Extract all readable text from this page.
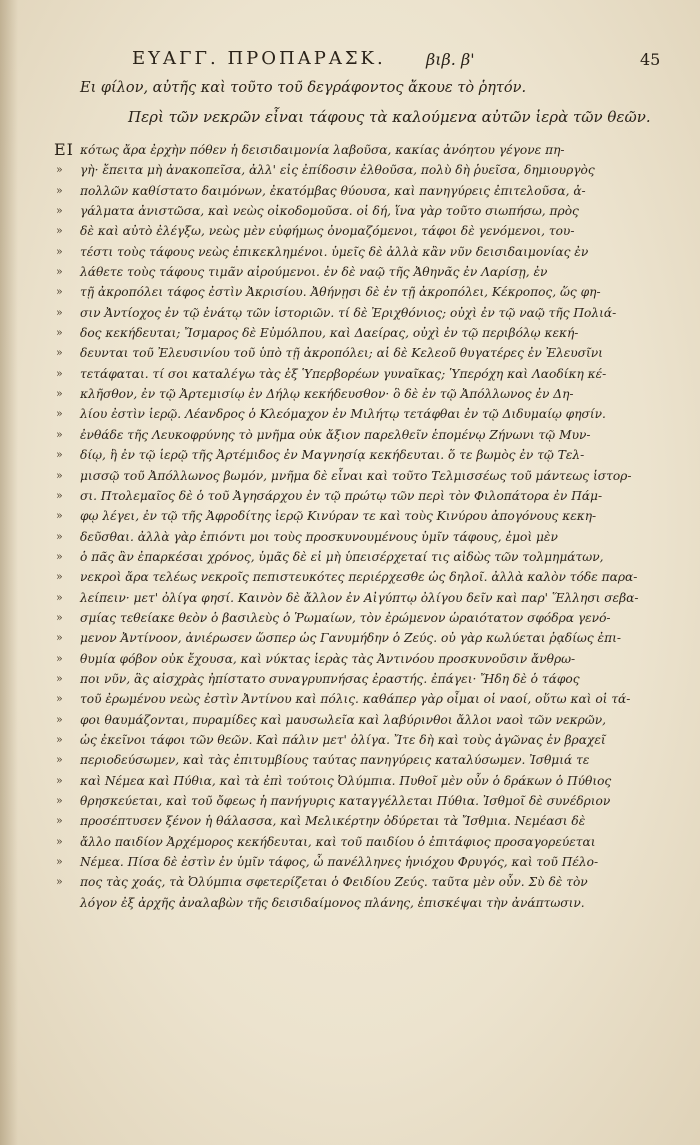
ΕΥΑΓΓ. ΠΡΟΠΑΡΑΣΚ.	βιβ. β'	45
Ει φίλον, αὐτῆς καὶ τοῦτο τοῦ δεγράφοντος ἄκουε τὸ ῥητόν.
Περὶ τῶν νεκρῶν εἶναι τάφους τὰ καλούμενα αὐτῶν ἱερὰ τῶν θεῶν.
ΕΙ κότως ἄρα ἐρχὴν πόθεν ἡ δεισιδαιμονία λαβοῦσα, κακίας ἀνόητου γέγονε πη-
»	γὴ· ἔπειτα μὴ ἀνακοπεῖσα, ἀλλ' εἰς ἐπίδοσιν ἐλθοῦσα, πολὺ δὴ ῥυεῖσα, δημιουργὸς
»	πολλῶν καθίστατο δαιμόνων, ἐκατόμβας θύουσα, καὶ πανηγύρεις ἐπιτελοῦσα, ἀ-
»	γάλματα ἀνιστῶσα, καὶ νεὼς οἰκοδομοῦσα. οἱ δή, ἵνα γὰρ τοῦτο σιωπήσω, πρὸς
»	δὲ καὶ αὐτὸ ἐλέγξω, νεὼς μὲν εὐφήμως ὀνομαζόμενοι, τάφοι δὲ γενόμενοι, του-
»	τέστι τοὺς τάφους νεὼς ἐπικεκλημένοι. ὑμεῖς δὲ ἀλλὰ κἂν νῦν δεισιδαιμονίας ἐν
»	λάθετε τοὺς τάφους τιμᾶν αἰρούμενοι. ἐν δὲ ναῷ τῆς Ἀθηνᾶς ἐν Λαρίσῃ, ἐν
»	τῇ ἀκροπόλει τάφος ἐστὶν Ἀκρισίου. Ἀθήνῃσι δὲ ἐν τῇ ἀκροπόλει, Κέκροπος, ὥς φη-
»	σιν Ἀντίοχος ἐν τῷ ἐνάτῳ τῶν ἱστοριῶν. τί δὲ Ἐριχθόνιος; οὐχὶ ἐν τῷ ναῷ τῆς Πολιά-
»	δος κεκήδευται; Ἴσμαρος δὲ Εὐμόλπου, καὶ Δαείρας, οὐχὶ ἐν τῷ περιβόλῳ κεκή-
»	δευνται τοῦ Ἐλευσινίου τοῦ ὑπὸ τῇ ἀκροπόλει; αἱ δὲ Κελεοῦ θυγατέρες ἐν Ἐλευσῖνι
»	τετάφαται. τί σοι καταλέγω τὰς ἐξ Ὑπερβορέων γυναῖκας; Ὑπερόχη καὶ Λαοδίκη κέ-
»	κλῆσθον, ἐν τῷ Ἀρτεμισίῳ ἐν Δήλῳ κεκήδευσθον· ὃ δὲ ἐν τῷ Ἀπόλλωνος ἐν Δη-
»	λίου ἐστὶν ἱερῷ. Λέανδρος ὁ Κλεόμαχον ἐν Μιλήτῳ τετάφθαι ἐν τῷ Διδυμαίῳ φησίν.
»	ἐνθάδε τῆς Λευκοφρύνης τὸ μνῆμα οὐκ ἄξιον παρελθεῖν ἑπομένῳ Ζήνωνι τῷ Μυν-
»	δίῳ, ἣ ἐν τῷ ἱερῷ τῆς Ἀρτέμιδος ἐν Μαγνησίᾳ κεκήδευται. ὅ τε βωμὸς ἐν τῷ Τελ-
»	μισσῷ τοῦ Ἀπόλλωνος βωμόν, μνῆμα δὲ εἶναι καὶ τοῦτο Τελμισσέως τοῦ μάντεως ἱστορ-
»	σι. Πτολεμαῖος δὲ ὁ τοῦ Ἀγησάρχου ἐν τῷ πρώτῳ τῶν περὶ τὸν Φιλοπάτορα ἐν Πάμ-
»	φῳ λέγει, ἐν τῷ τῆς Ἀφροδίτης ἱερῷ Κινύραν τε καὶ τοὺς Κινύρου ἀπογόνους κεκη-
»	δεῦσθαι. ἀλλὰ γὰρ ἐπιόντι μοι τοὺς προσκυνουμένους ὑμῖν τάφους, ἐμοὶ μὲν
»	ὁ πᾶς ἂν ἐπαρκέσαι χρόνος, ὑμᾶς δὲ εἰ μὴ ὑπεισέρχεταί τις αἰδὼς τῶν τολμημάτων,
»	νεκροὶ ἄρα τελέως νεκροῖς πεπιστευκότες περιέρχεσθε ὡς δηλοῖ. ἀλλὰ καλὸν τόδε παρα-
»	λείπειν· μετ' ὀλίγα φησί. Καινὸν δὲ ἄλλον ἐν Αἰγύπτῳ ὀλίγου δεῖν καὶ παρ' Ἕλλησι σεβα-
»	σμίας τεθείακε θεὸν ὁ βασιλεὺς ὁ Ῥωμαίων, τὸν ἐρώμενον ὡραιότατον σφόδρα γενό-
»	μενον Ἀντίνοον, ἀνιέρωσεν ὥσπερ ὡς Γανυμήδην ὁ Ζεύς. οὐ γὰρ κωλύεται ῥᾳδίως ἐπι-
»	θυμία φόβον οὐκ ἔχουσα, καὶ νύκτας ἱερὰς τὰς Ἀντινόου προσκυνοῦσιν ἄνθρω-
»	ποι νῦν, ἃς αἰσχρὰς ἠπίστατο συναγρυπνήσας ἐραστής. ἐπάγει· Ἤδη δὲ ὁ τάφος
»	τοῦ ἐρωμένου νεὼς ἐστὶν Ἀντίνου καὶ πόλις. καθάπερ γὰρ οἶμαι οἱ ναοί, οὕτω καὶ οἱ τά-
»	φοι θαυμάζονται, πυραμίδες καὶ μαυσωλεῖα καὶ λαβύρινθοι ἄλλοι ναοὶ τῶν νεκρῶν,
»	ὡς ἐκεῖνοι τάφοι τῶν θεῶν. Καὶ πάλιν μετ' ὀλίγα. Ἴτε δὴ καὶ τοὺς ἀγῶνας ἐν βραχεῖ
»	περιοδεύσωμεν, καὶ τὰς ἐπιτυμβίους ταύτας πανηγύρεις καταλύσωμεν. Ἰσθμιά τε
»	καὶ Νέμεα καὶ Πύθια, καὶ τὰ ἐπὶ τούτοις Ὀλύμπια. Πυθοῖ μὲν οὖν ὁ δράκων ὁ Πύθιος
»	θρησκεύεται, καὶ τοῦ ὄφεως ἡ πανήγυρις καταγγέλλεται Πύθια. Ἰσθμοῖ δὲ συνέδριον
»	προσέπτυσεν ξένον ἡ θάλασσα, καὶ Μελικέρτην ὀδύρεται τὰ Ἴσθμια. Νεμέασι δὲ
»	ἄλλο παιδίον Ἀρχέμορος κεκήδευται, καὶ τοῦ παιδίου ὁ ἐπιτάφιος προσαγορεύεται
»	Νέμεα. Πίσα δὲ ἐστὶν ἐν ὑμῖν τάφος, ὦ πανέλληνες ἡνιόχου Φρυγός, καὶ τοῦ Πέλο-
»	πος τὰς χοάς, τὰ Ὀλύμπια σφετερίζεται ὁ Φειδίου Ζεύς. ταῦτα μὲν οὖν. Σὺ δὲ τὸν
λόγον ἐξ ἀρχῆς ἀναλαβὼν τῆς δεισιδαίμονος πλάνης, ἐπισκέψαι τὴν ἀνάπτωσιν.
